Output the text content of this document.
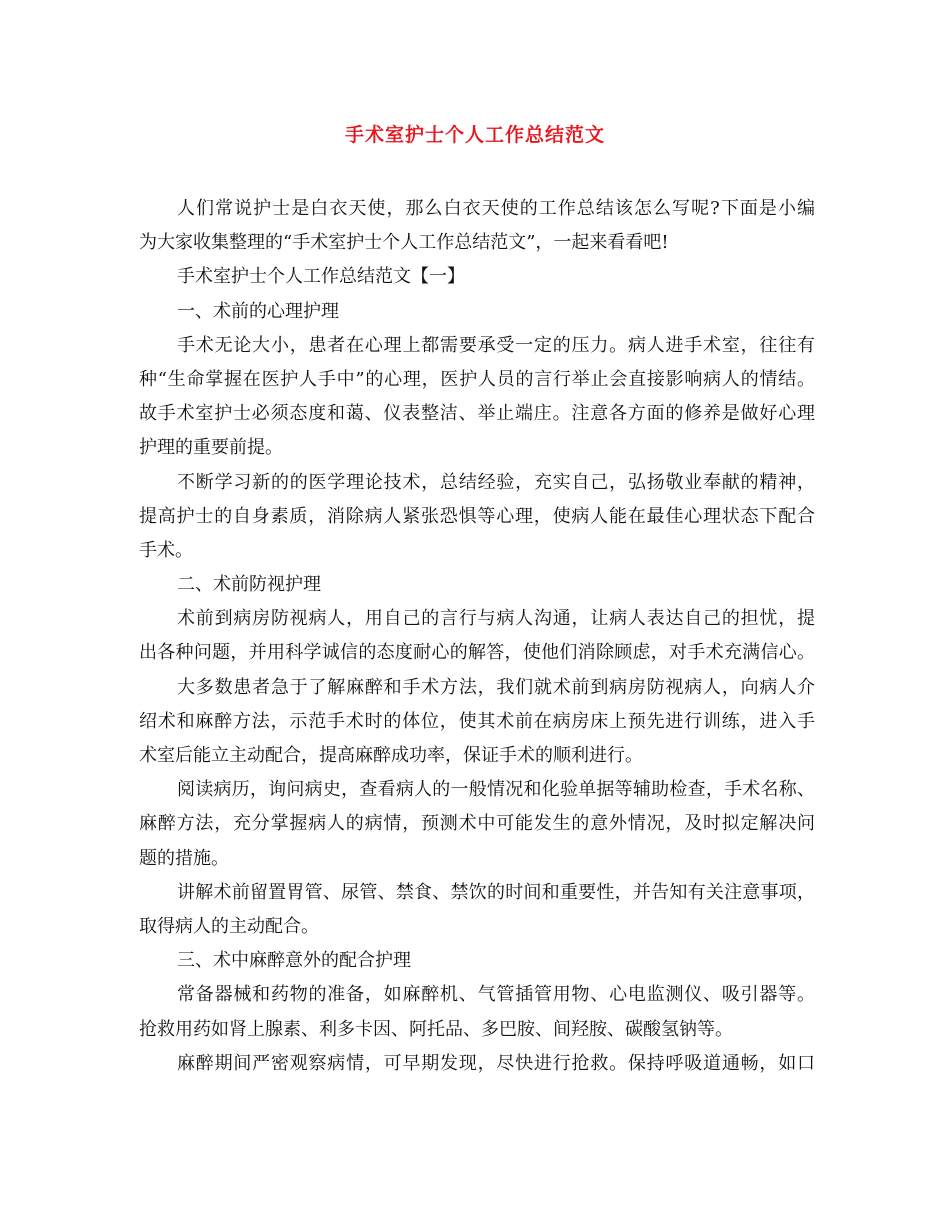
手术室护士个人工作总结范文
人们常说护士是白衣天使，那么白衣天使的工作总结该怎么写呢?下面是小编
为大家收集整理的“手术室护士个人工作总结范文”，一起来看看吧!
手术室护士个人工作总结范文【一】
一、术前的心理护理
手术无论大小，患者在心理上都需要承受一定的压力。病人进手术室，往往有
种“生命掌握在医护人手中”的心理，医护人员的言行举止会直接影响病人的情结。
故手术室护士必须态度和蔼、仪表整洁、举止端庄。注意各方面的修养是做好心理
护理的重要前提。
不断学习新的的医学理论技术，总结经验，充实自己，弘扬敬业奉献的精神，
提高护士的自身素质，消除病人紧张恐惧等心理，使病人能在最佳心理状态下配合
手术。
二、术前防视护理
术前到病房防视病人，用自己的言行与病人沟通，让病人表达自己的担忧，提
出各种问题，并用科学诚信的态度耐心的解答，使他们消除顾虑，对手术充满信心。
大多数患者急于了解麻醉和手术方法，我们就术前到病房防视病人，向病人介
绍术和麻醉方法，示范手术时的体位，使其术前在病房床上预先进行训练，进入手
术室后能立主动配合，提高麻醉成功率，保证手术的顺利进行。
阅读病历，询问病史，查看病人的一般情况和化验单据等辅助检查，手术名称、
麻醉方法，充分掌握病人的病情，预测术中可能发生的意外情况，及时拟定解决问
题的措施。
讲解术前留置胃管、尿管、禁食、禁饮的时间和重要性，并告知有关注意事项，
取得病人的主动配合。
三、术中麻醉意外的配合护理
常备器械和药物的准备，如麻醉机、气管插管用物、心电监测仪、吸引器等。
抢救用药如肾上腺素、利多卡因、阿托品、多巴胺、间羟胺、碳酸氢钠等。
麻醉期间严密观察病情，可早期发现，尽快进行抢救。保持呼吸道通畅，如口
